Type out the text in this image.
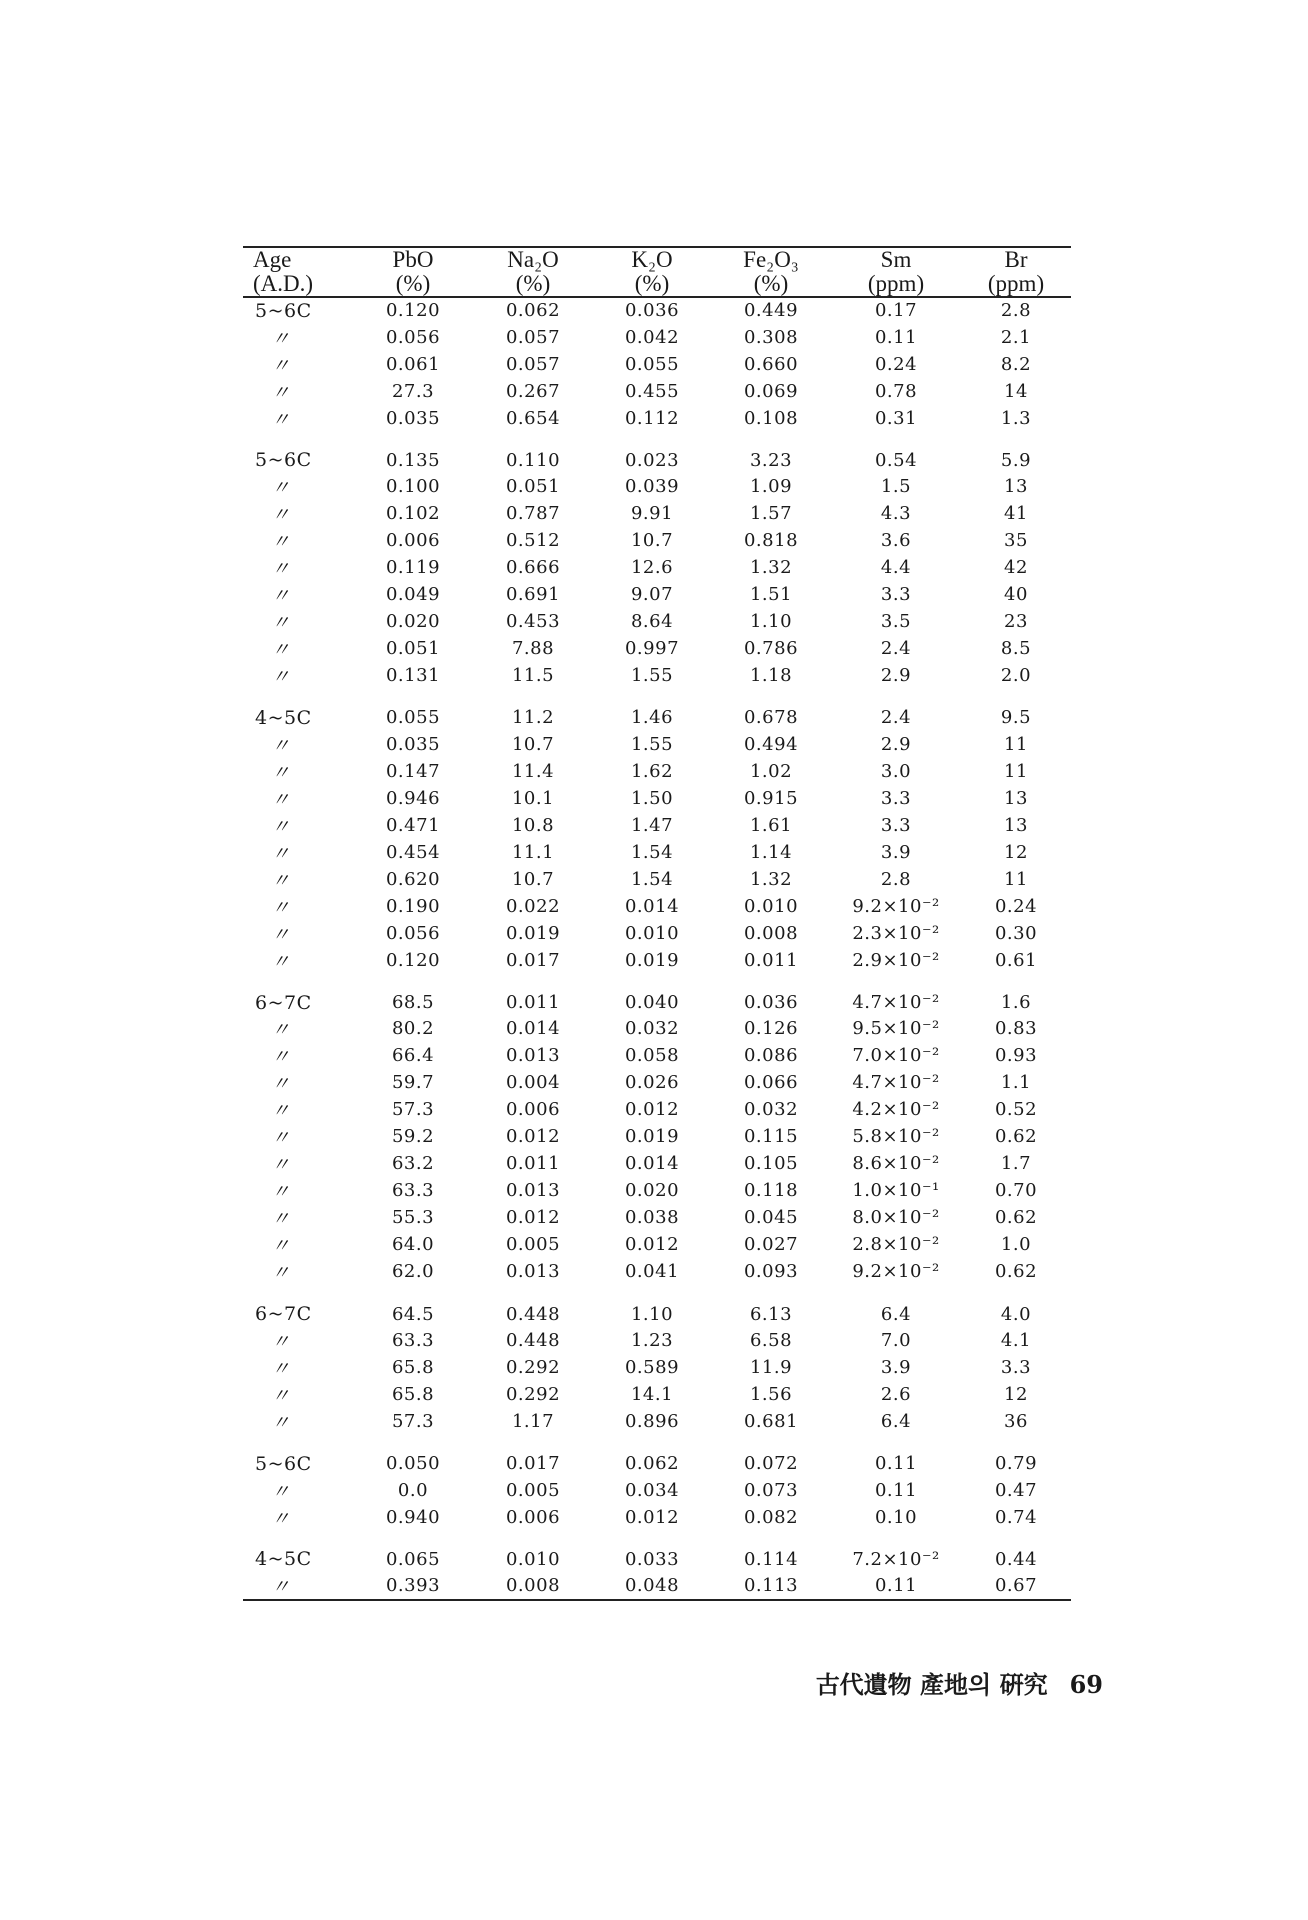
Age	PbO	Na₂O	K₂O	Fe₂O₃	Sm	Br
(A.D.)	(%)	(%)	(%)	(%)	(ppm)	(ppm)
5~6C	0.120	0.062	0.036	0.449	0.17	2.8
〃	0.056	0.057	0.042	0.308	0.11	2.1
〃	0.061	0.057	0.055	0.660	0.24	8.2
〃	27.3	0.267	0.455	0.069	0.78	14
〃	0.035	0.654	0.112	0.108	0.31	1.3

5~6C	0.135	0.110	0.023	3.23	0.54	5.9
〃	0.100	0.051	0.039	1.09	1.5	13
〃	0.102	0.787	9.91	1.57	4.3	41
〃	0.006	0.512	10.7	0.818	3.6	35
〃	0.119	0.666	12.6	1.32	4.4	42
〃	0.049	0.691	9.07	1.51	3.3	40
〃	0.020	0.453	8.64	1.10	3.5	23
〃	0.051	7.88	0.997	0.786	2.4	8.5
〃	0.131	11.5	1.55	1.18	2.9	2.0

4~5C	0.055	11.2	1.46	0.678	2.4	9.5
〃	0.035	10.7	1.55	0.494	2.9	11
〃	0.147	11.4	1.62	1.02	3.0	11
〃	0.946	10.1	1.50	0.915	3.3	13
〃	0.471	10.8	1.47	1.61	3.3	13
〃	0.454	11.1	1.54	1.14	3.9	12
〃	0.620	10.7	1.54	1.32	2.8	11
〃	0.190	0.022	0.014	0.010	9.2×10⁻²	0.24
〃	0.056	0.019	0.010	0.008	2.3×10⁻²	0.30
〃	0.120	0.017	0.019	0.011	2.9×10⁻²	0.61

6~7C	68.5	0.011	0.040	0.036	4.7×10⁻²	1.6
〃	80.2	0.014	0.032	0.126	9.5×10⁻²	0.83
〃	66.4	0.013	0.058	0.086	7.0×10⁻²	0.93
〃	59.7	0.004	0.026	0.066	4.7×10⁻²	1.1
〃	57.3	0.006	0.012	0.032	4.2×10⁻²	0.52
〃	59.2	0.012	0.019	0.115	5.8×10⁻²	0.62
〃	63.2	0.011	0.014	0.105	8.6×10⁻²	1.7
〃	63.3	0.013	0.020	0.118	1.0×10⁻¹	0.70
〃	55.3	0.012	0.038	0.045	8.0×10⁻²	0.62
〃	64.0	0.005	0.012	0.027	2.8×10⁻²	1.0
〃	62.0	0.013	0.041	0.093	9.2×10⁻²	0.62

6~7C	64.5	0.448	1.10	6.13	6.4	4.0
〃	63.3	0.448	1.23	6.58	7.0	4.1
〃	65.8	0.292	0.589	11.9	3.9	3.3
〃	65.8	0.292	14.1	1.56	2.6	12
〃	57.3	1.17	0.896	0.681	6.4	36

5~6C	0.050	0.017	0.062	0.072	0.11	0.79
〃	0.0	0.005	0.034	0.073	0.11	0.47
〃	0.940	0.006	0.012	0.082	0.10	0.74

4~5C	0.065	0.010	0.033	0.114	7.2×10⁻²	0.44
〃	0.393	0.008	0.048	0.113	0.11	0.67
古代遺物 產地의 硏究 69
